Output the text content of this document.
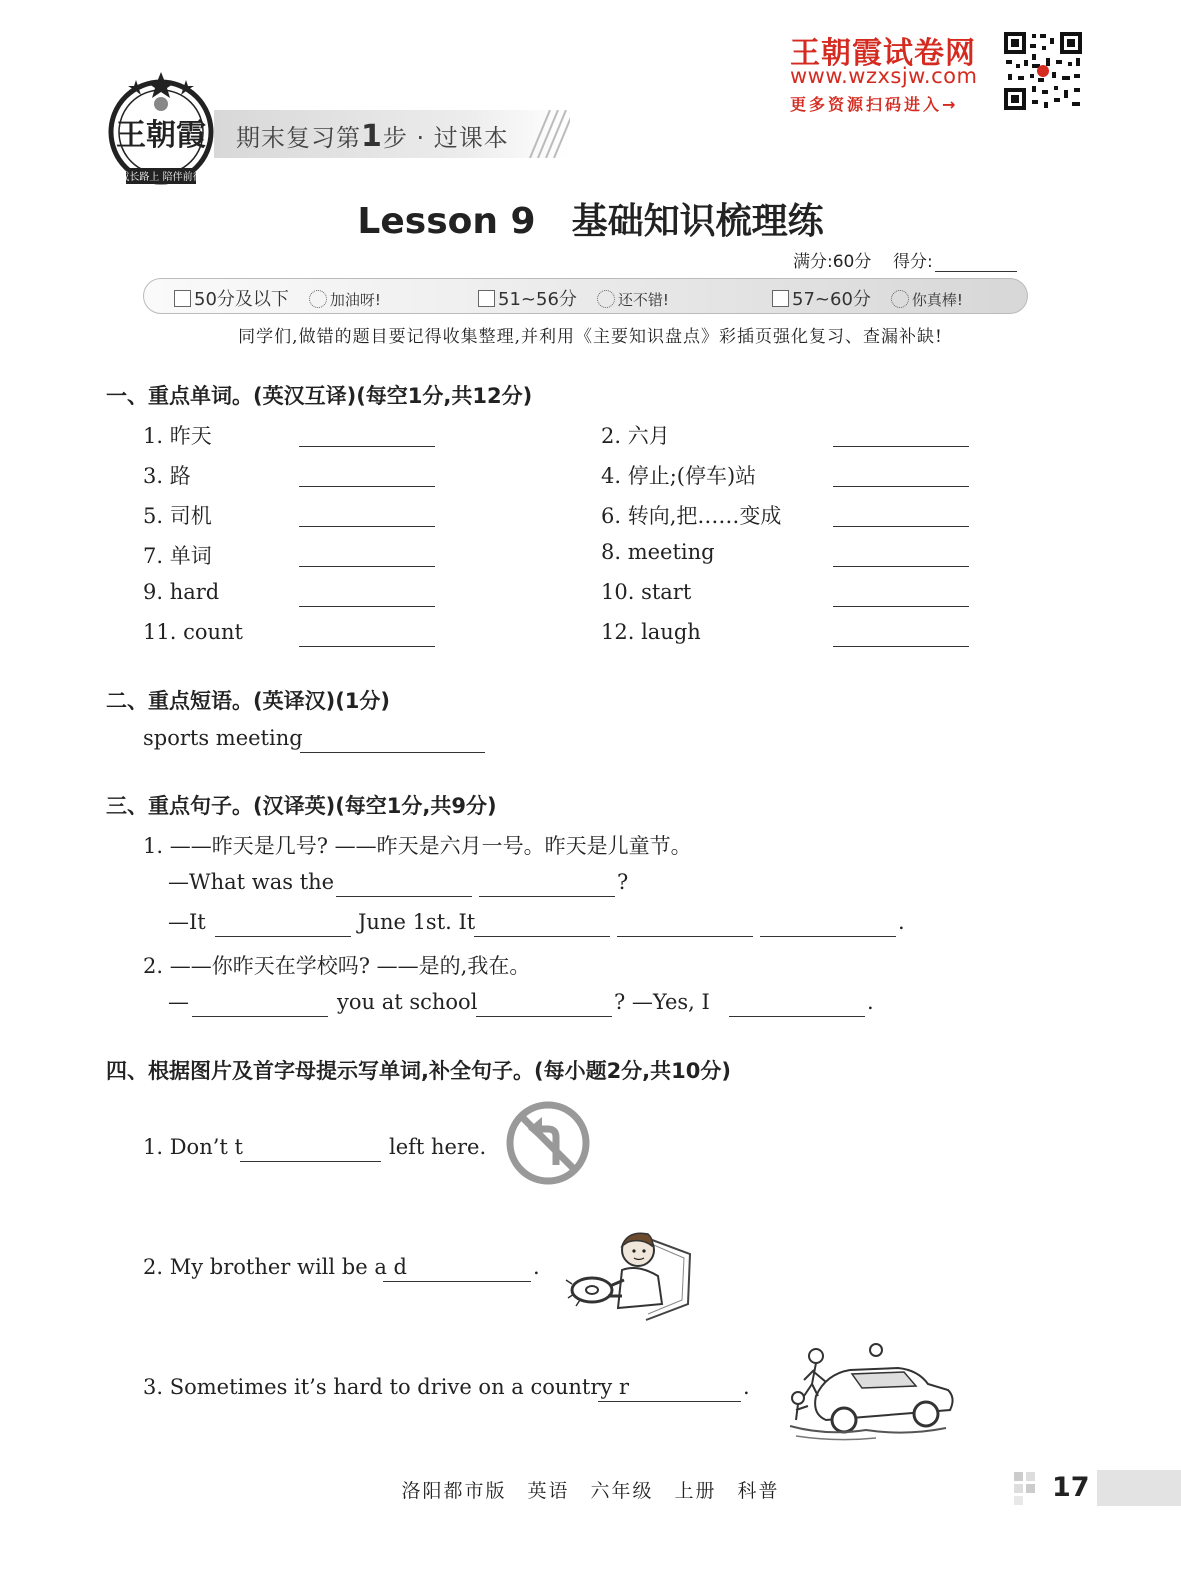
成长路上 陪伴前行
王朝霞 期末复习第1步 · 过课本
王朝霞试卷网
www.wzxsjw.com
更多资源扫码进入→
Lesson 9　基础知识梳理练
满分:60分 得分:
50分及以下	加油呀!	51~56分	还不错!	57~60分	你真棒!
同学们,做错的题目要记得收集整理,并利用《主要知识盘点》彩插页强化复习、查漏补缺!
一、重点单词。(英汉互译)(每空1分,共12分)
1. 昨天	2. 六月
3. 路	4. 停止;(停车)站
5. 司机	6. 转向,把……变成
7. 单词	8. meeting
9. hard	10. start
11. count	12. laugh
二、重点短语。(英译汉)(1分)
sports meeting
三、重点句子。(汉译英)(每空1分,共9分)
1. ——昨天是几号? ——昨天是六月一号。昨天是儿童节。
—What was the	?
—It	June 1st. It	.
2. ——你昨天在学校吗? ——是的,我在。
—	you at school	? —Yes, I	.
四、根据图片及首字母提示写单词,补全句子。(每小题2分,共10分)
1. Don’t t	left here.
2. My brother will be a d	.
3. Sometimes it’s hard to drive on a country r	.
洛阳都市版　英语　六年级　上册　科普	17
